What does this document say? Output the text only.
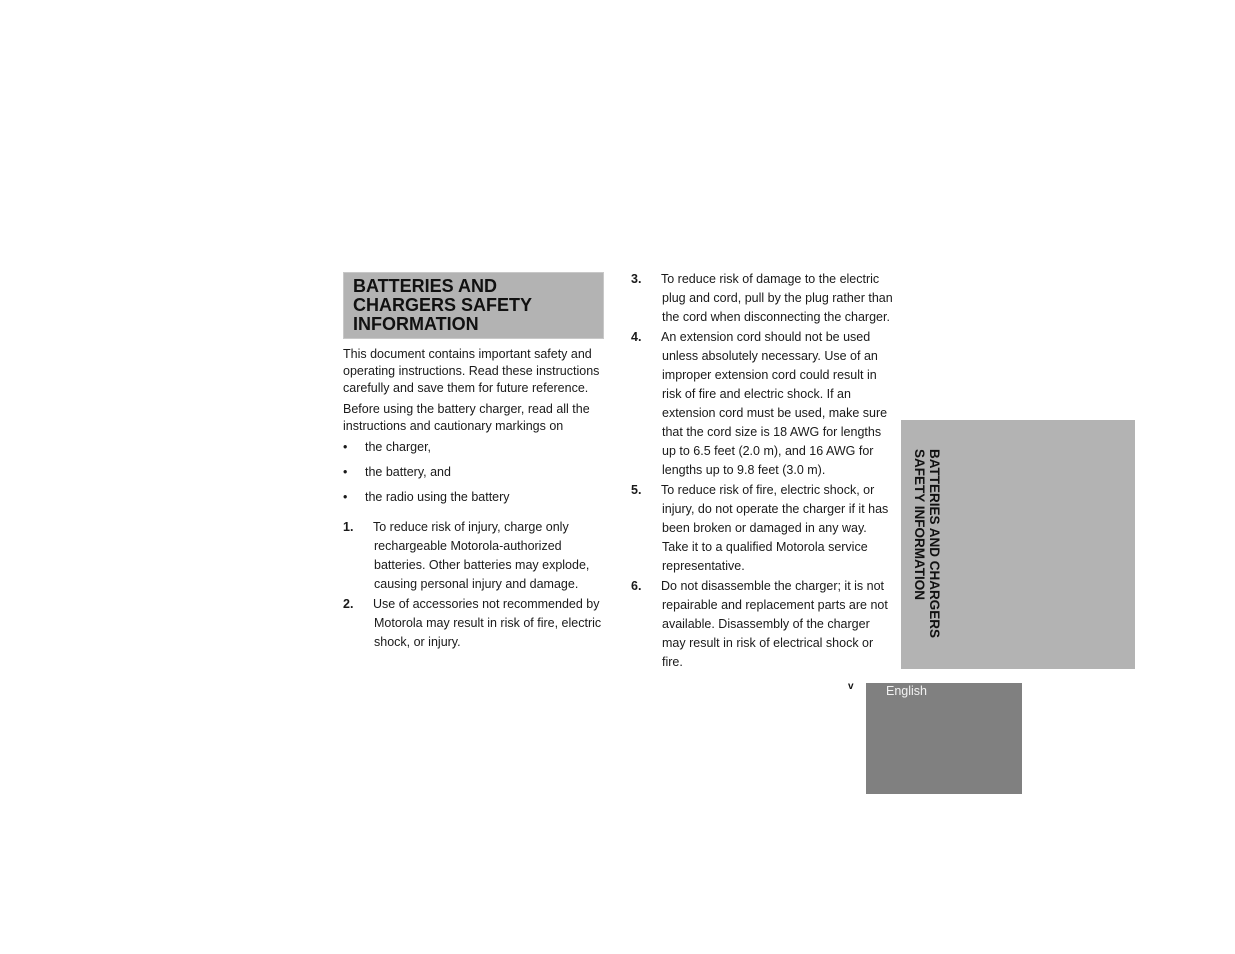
BATTERIES AND
CHARGERS SAFETY
INFORMATION

This document contains important safety and operating instructions. Read these instructions carefully and save them for future reference.

Before using the battery charger, read all the instructions and cautionary markings on

• the charger,
• the battery, and
• the radio using the battery
1. To reduce risk of injury, charge only rechargeable Motorola-authorized batteries. Other batteries may explode, causing personal injury and damage.
2. Use of accessories not recommended by Motorola may result in risk of fire, electric shock, or injury.
3. To reduce risk of damage to the electric plug and cord, pull by the plug rather than the cord when disconnecting the charger.
4. An extension cord should not be used unless absolutely necessary. Use of an improper extension cord could result in risk of fire and electric shock. If an extension cord must be used, make sure that the cord size is 18 AWG for lengths up to 6.5 feet (2.0 m), and 16 AWG for lengths up to 9.8 feet (3.0 m).
5. To reduce risk of fire, electric shock, or injury, do not operate the charger if it has been broken or damaged in any way. Take it to a qualified Motorola service representative.
6. Do not disassemble the charger; it is not repairable and replacement parts are not available. Disassembly of the charger may result in risk of electrical shock or fire.
BATTERIES AND CHARGERS
SAFETY INFORMATION
v	English
